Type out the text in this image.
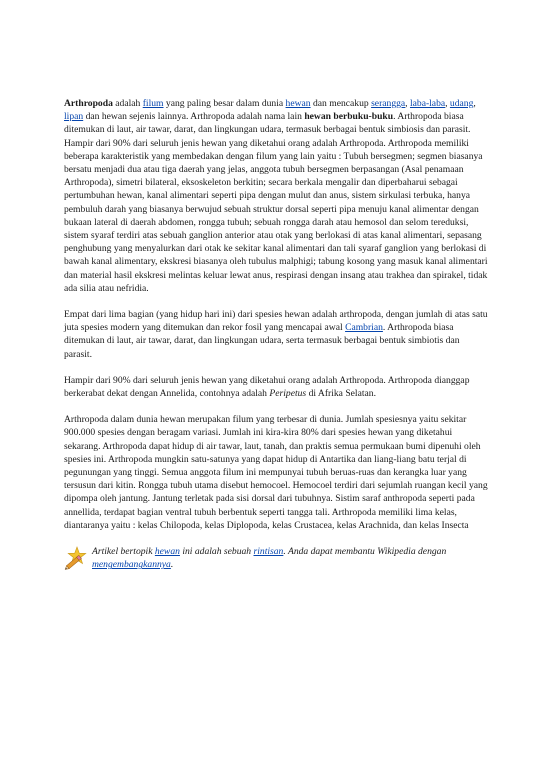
Arthropoda adalah filum yang paling besar dalam dunia hewan dan mencakup serangga, laba-laba, udang, lipan dan hewan sejenis lainnya. Arthropoda adalah nama lain hewan berbuku-buku. Arthropoda biasa ditemukan di laut, air tawar, darat, dan lingkungan udara, termasuk berbagai bentuk simbiosis dan parasit. Hampir dari 90% dari seluruh jenis hewan yang diketahui orang adalah Arthropoda. Arthropoda memiliki beberapa karakteristik yang membedakan dengan filum yang lain yaitu : Tubuh bersegmen; segmen biasanya bersatu menjadi dua atau tiga daerah yang jelas, anggota tubuh bersegmen berpasangan (Asal penamaan Arthropoda), simetri bilateral, eksoskeleton berkitin; secara berkala mengalir dan diperbaharui sebagai pertumbuhan hewan, kanal alimentari seperti pipa dengan mulut dan anus, sistem sirkulasi terbuka, hanya pembuluh darah yang biasanya berwujud sebuah struktur dorsal seperti pipa menuju kanal alimentar dengan bukaan lateral di daerah abdomen, rongga tubuh; sebuah rongga darah atau hemosol dan selom tereduksi, sistem syaraf terdiri atas sebuah ganglion anterior atau otak yang berlokasi di atas kanal alimentari, sepasang penghubung yang menyalurkan dari otak ke sekitar kanal alimentari dan tali syaraf ganglion yang berlokasi di bawah kanal alimentary, ekskresi biasanya oleh tubulus malphigi; tabung kosong yang masuk kanal alimentari dan material hasil ekskresi melintas keluar lewat anus, respirasi dengan insang atau trakhea dan spirakel, tidak ada silia atau nefridia.

Empat dari lima bagian (yang hidup hari ini) dari spesies hewan adalah arthropoda, dengan jumlah di atas satu juta spesies modern yang ditemukan dan rekor fosil yang mencapai awal Cambrian. Arthropoda biasa ditemukan di laut, air tawar, darat, dan lingkungan udara, serta termasuk berbagai bentuk simbiotis dan parasit.

Hampir dari 90% dari seluruh jenis hewan yang diketahui orang adalah Arthropoda. Arthropoda dianggap berkerabat dekat dengan Annelida, contohnya adalah Peripetus di Afrika Selatan.

Arthropoda dalam dunia hewan merupakan filum yang terbesar di dunia. Jumlah spesiesnya yaitu sekitar 900.000 spesies dengan beragam variasi. Jumlah ini kira-kira 80% dari spesies hewan yang diketahui sekarang. Arthropoda dapat hidup di air tawar, laut, tanah, dan praktis semua permukaan bumi dipenuhi oleh spesies ini. Arthropoda mungkin satu-satunya yang dapat hidup di Antartika dan liang-liang batu terjal di pegunungan yang tinggi. Semua anggota filum ini mempunyai tubuh beruas-ruas dan kerangka luar yang tersusun dari kitin. Rongga tubuh utama disebut hemocoel. Hemocoel terdiri dari sejumlah ruangan kecil yang dipompa oleh jantung. Jantung terletak pada sisi dorsal dari tubuhnya. Sistim saraf anthropoda seperti pada annellida, terdapat bagian ventral tubuh berbentuk seperti tangga tali. Arthropoda memiliki lima kelas, diantaranya yaitu : kelas Chilopoda, kelas Diplopoda, kelas Crustacea, kelas Arachnida, dan kelas Insecta

Artikel bertopik hewan ini adalah sebuah rintisan. Anda dapat membantu Wikipedia dengan mengembangkannya.
